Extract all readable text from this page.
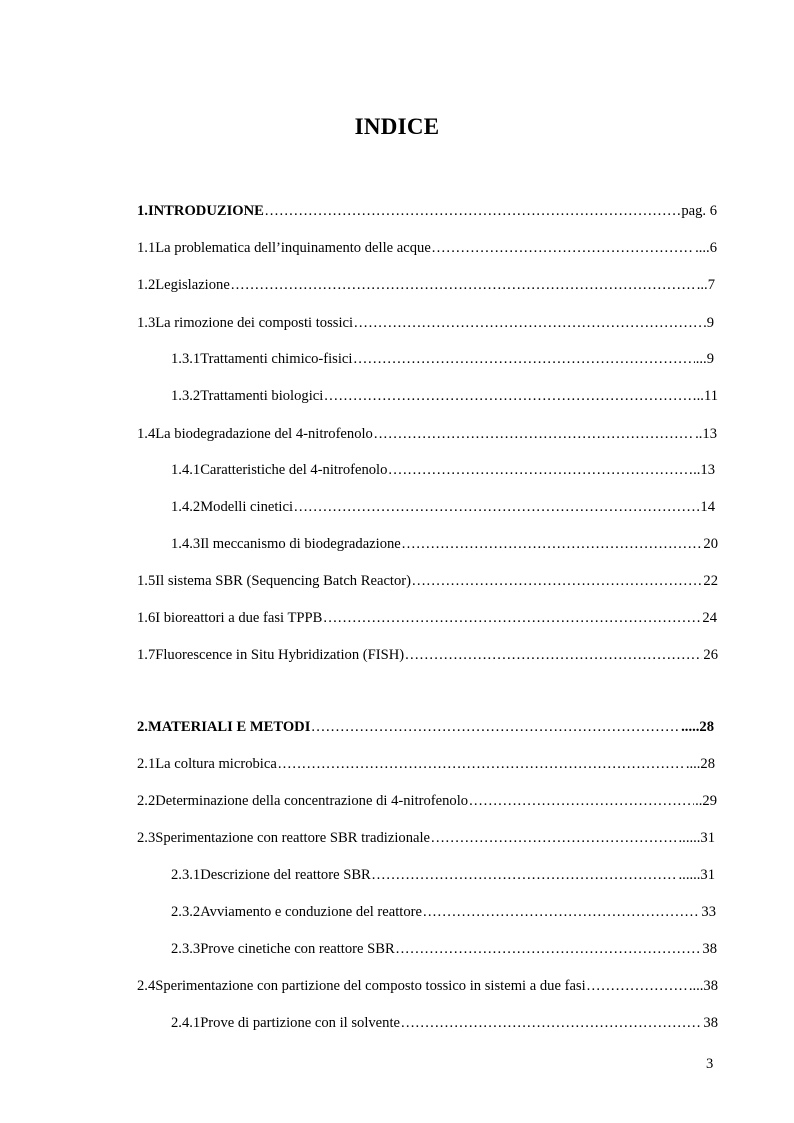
INDICE
1. INTRODUZIONE .....	pag. 6
1.1 La problematica dell’inquinamento delle acque .....	....6
1.2 Legislazione .....	...7
1.3 La rimozione dei composti tossici .....	9
1.3.1 Trattamenti chimico-fisici .....	...9
1.3.2 Trattamenti biologici .....	..11
1.4 La biodegradazione del 4-nitrofenolo .....	..13
1.4.1 Caratteristiche del 4-nitrofenolo .....	..13
1.4.2 Modelli cinetici .....	14
1.4.3 Il meccanismo di biodegradazione .....	20
1.5 Il sistema SBR (Sequencing Batch Reactor) .....	22
1.6 I bioreattori a due fasi TPPB .....	24
1.7 Fluorescence in Situ Hybridization (FISH) .....	26
2. MATERIALI E METODI .....	.....28
2.1 La coltura microbica .....	....28
2.2 Determinazione della concentrazione di 4-nitrofenolo .....	..29
2.3 Sperimentazione con reattore SBR tradizionale .....	......31
2.3.1 Descrizione del reattore SBR .....	......31
2.3.2 Avviamento e conduzione del reattore .....	33
2.3.3 Prove cinetiche con reattore SBR .....	38
2.4 Sperimentazione con partizione del composto tossico in sistemi a due fasi .....	....38
2.4.1 Prove di partizione con il solvente .....	38
3
